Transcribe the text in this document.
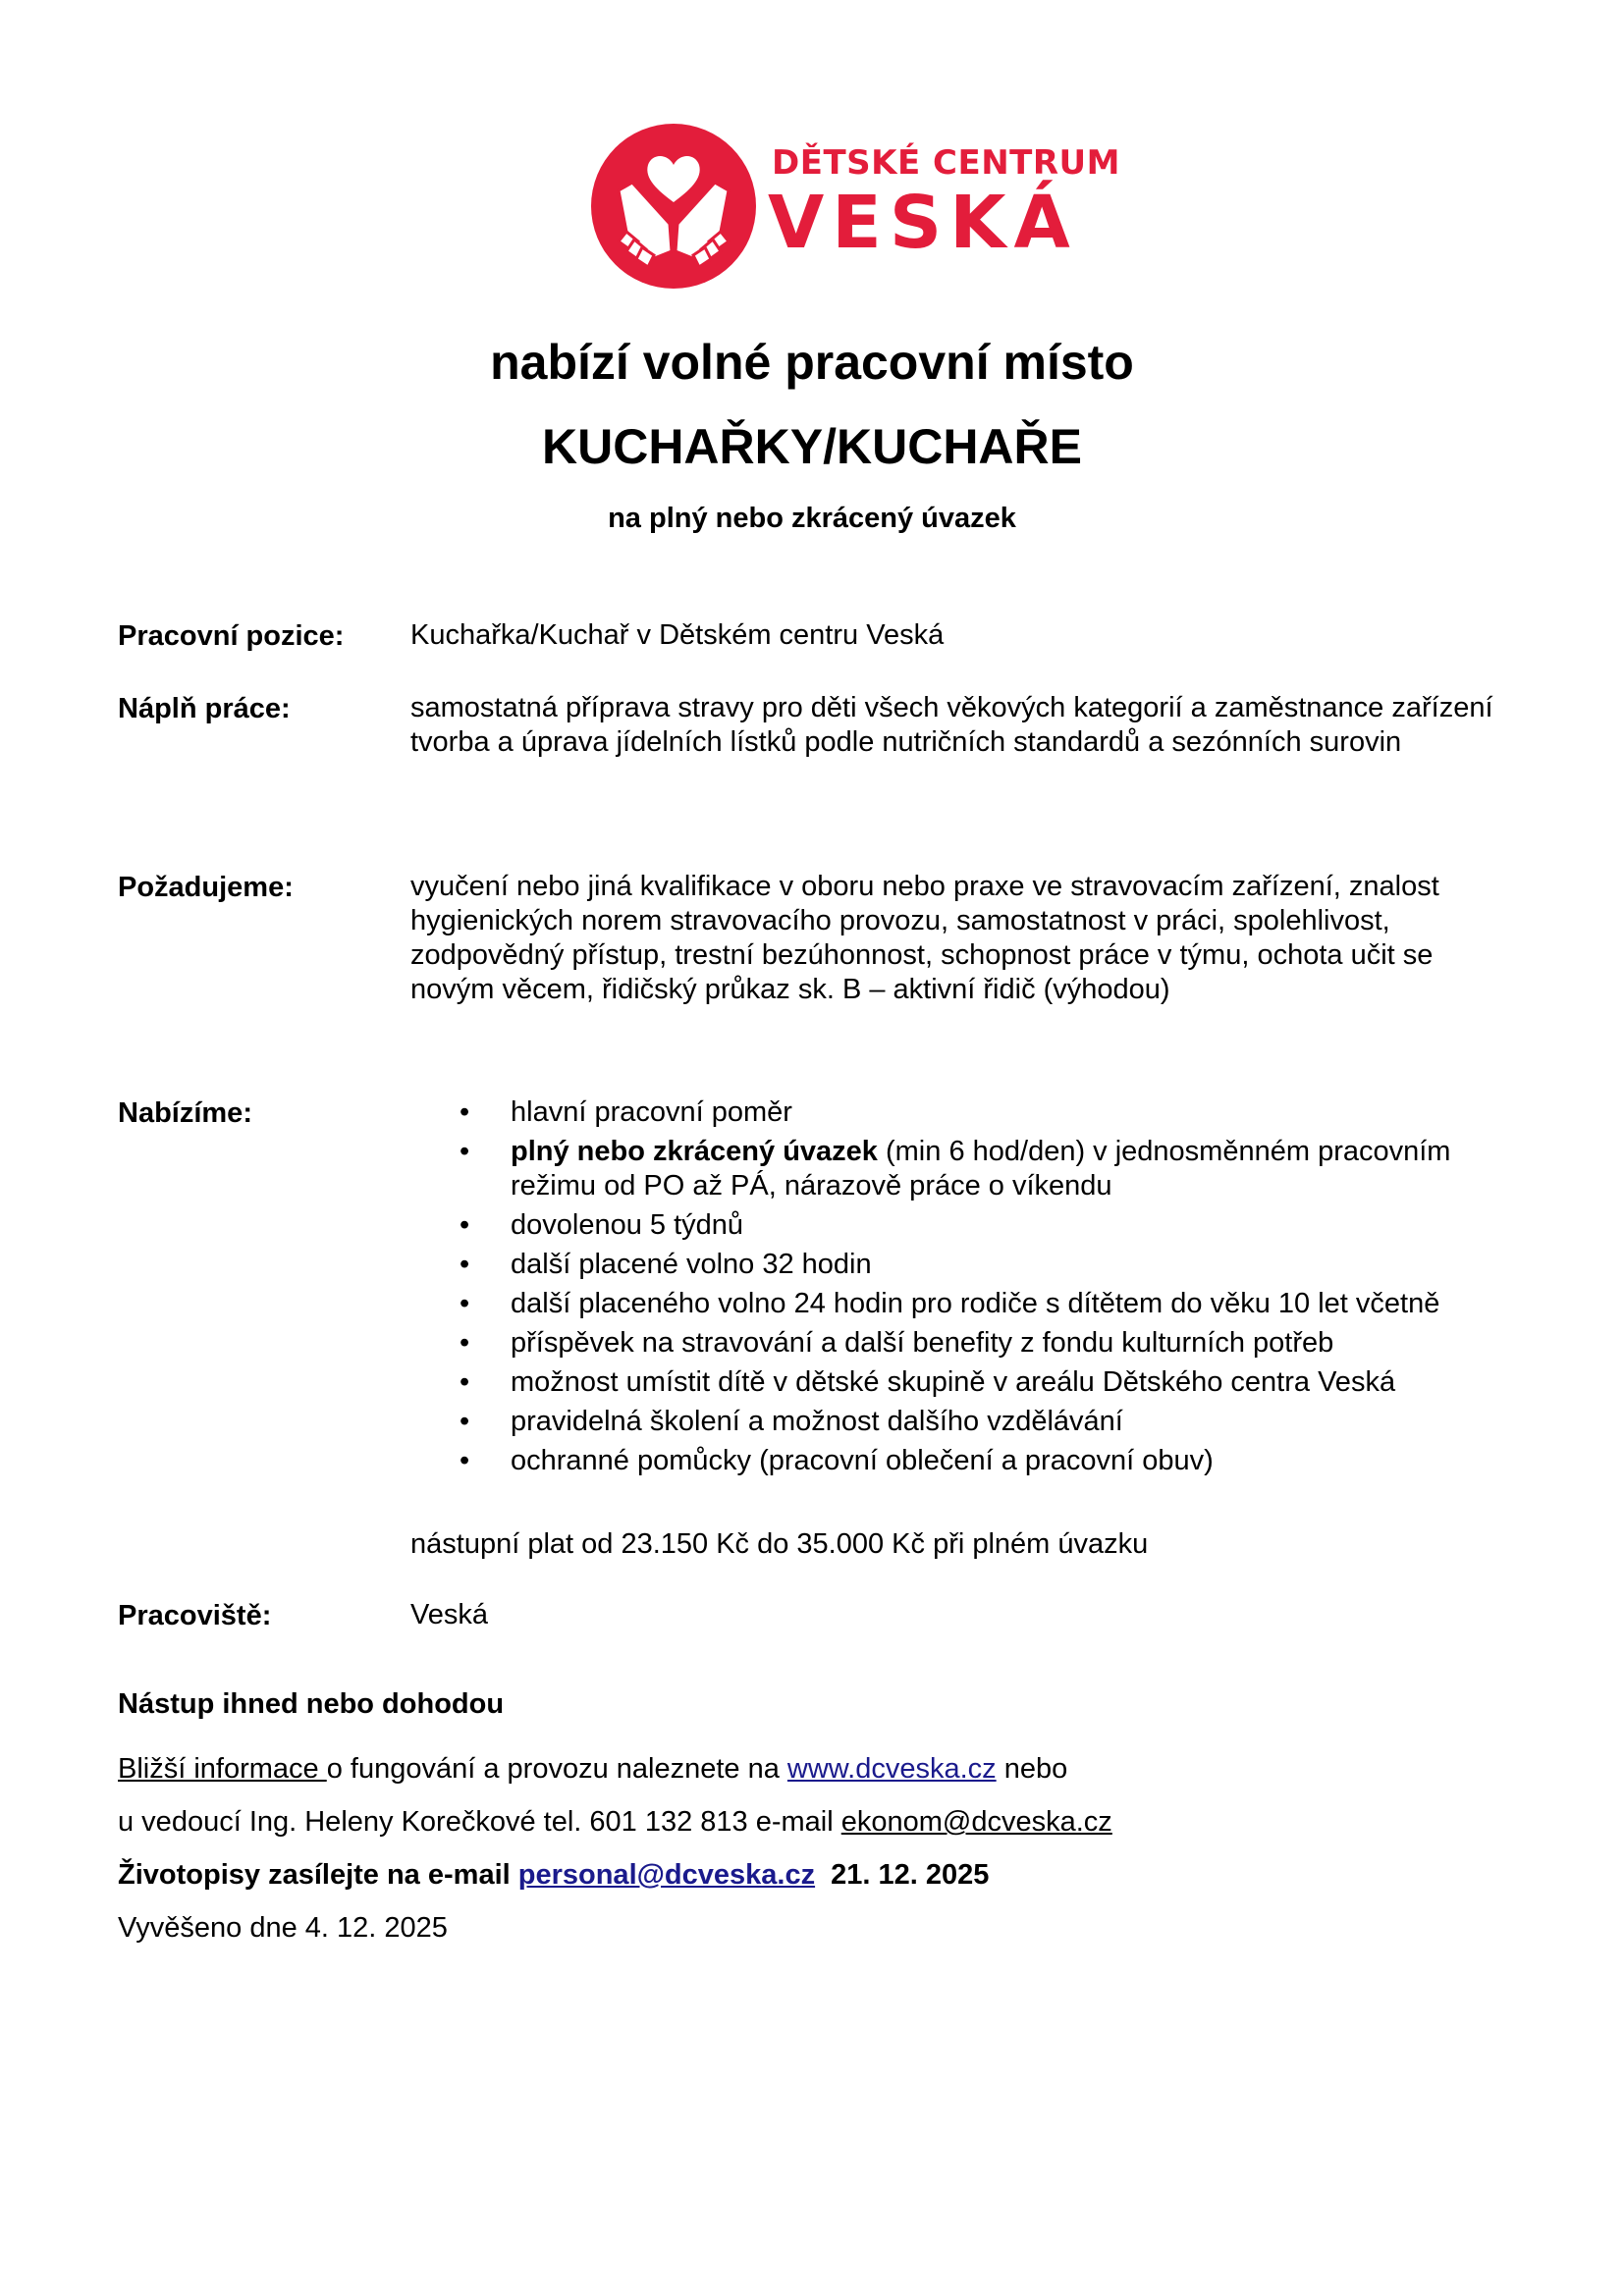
DĚTSKÉ CENTRUM
VESKÁ
nabízí volné pracovní místo
KUCHAŘKY/KUCHAŘE
na plný nebo zkrácený úvazek
Pracovní pozice: Kuchařka/Kuchař v Dětském centru Veská
Náplň práce:	samostatná příprava stravy pro děti všech věkových kategorií a zaměstnance zařízení

tvorba a úprava jídelních lístků podle nutričních standardů a sezónních surovin

Požadujeme:	vyučení nebo jiná kvalifikace v oboru nebo praxe ve stravovacím zařízení, znalost hygienických norem stravovacího provozu, samostatnost v práci, spolehlivost, zodpovědný přístup, trestní bezúhonnost, schopnost práce v týmu, ochota učit se novým věcem, řidičský průkaz sk. B – aktivní řidič (výhodou)
Nabízíme:	• hlavní pracovní poměr
• plný nebo zkrácený úvazek (min 6 hod/den) v jednosměnném pracovním režimu od PO až PÁ, nárazově práce o víkendu
• dovolenou 5 týdnů
• další placené volno 32 hodin
• další placeného volno 24 hodin pro rodiče s dítětem do věku 10 let včetně
• příspěvek na stravování a další benefity z fondu kulturních potřeb
• možnost umístit dítě v dětské skupině v areálu Dětského centra Veská
• pravidelná školení a možnost dalšího vzdělávání
• ochranné pomůcky (pracovní oblečení a pracovní obuv)
nástupní plat od 23.150 Kč do 35.000 Kč při plném úvazku
Pracoviště:	Veská
Nástup ihned nebo dohodou
Bližší informace o fungování a provozu naleznete na www.dcveska.cz nebo
u vedoucí Ing. Heleny Korečkové tel. 601 132 813 e-mail ekonom@dcveska.cz
Životopisy zasílejte na e-mail personal@dcveska.cz 21. 12. 2025
Vyvěšeno dne 4. 12. 2025
